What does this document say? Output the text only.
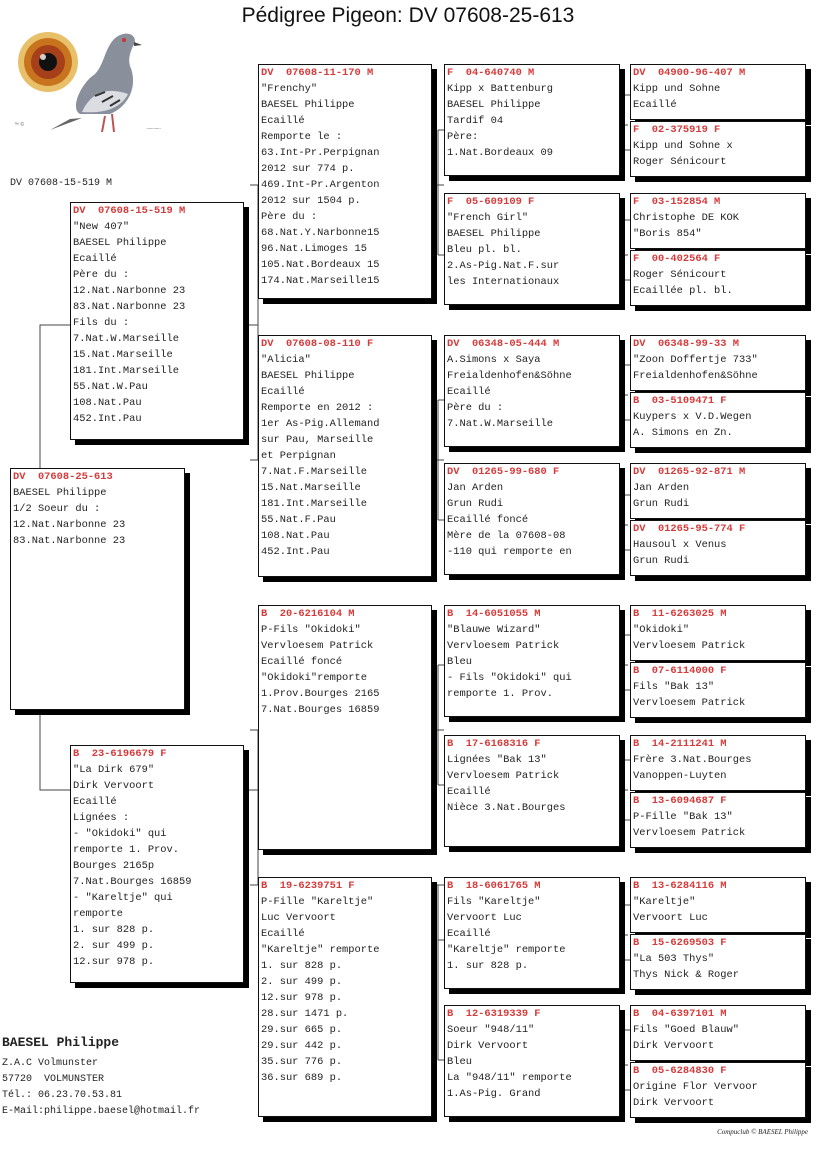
Pédigree Pigeon: DV 07608-25-613
™ ©
·—·—·
DV 07608-15-519 M
DV  07608-25-613
BAESEL Philippe
1/2 Soeur du :
12.Nat.Narbonne 23
83.Nat.Narbonne 23
DV  07608-15-519 M
"New 407"
BAESEL Philippe
Ecaillé
Père du :
12.Nat.Narbonne 23
83.Nat.Narbonne 23
Fils du :
7.Nat.W.Marseille
15.Nat.Marseille
181.Int.Marseille
55.Nat.W.Pau
108.Nat.Pau
452.Int.Pau
B  23-6196679 F
"La Dirk 679"
Dirk Vervoort
Ecaillé
Lignées :
- "Okidoki" qui
remporte 1. Prov.
Bourges 2165p
7.Nat.Bourges 16859
- "Kareltje" qui
remporte
1. sur 828 p.
2. sur 499 p.
12.sur 978 p.
DV  07608-11-170 M
"Frenchy"
BAESEL Philippe
Ecaillé
Remporte le :
63.Int-Pr.Perpignan
2012 sur 774 p.
469.Int-Pr.Argenton
2012 sur 1504 p.
Père du :
68.Nat.Y.Narbonne15
96.Nat.Limoges 15
105.Nat.Bordeaux 15
174.Nat.Marseille15
DV  07608-08-110 F
"Alicia"
BAESEL Philippe
Ecaillé
Remporte en 2012 :
1er As-Pig.Allemand
sur Pau, Marseille
et Perpignan
7.Nat.F.Marseille
15.Nat.Marseille
181.Int.Marseille
55.Nat.F.Pau
108.Nat.Pau
452.Int.Pau
B  20-6216104 M
P-Fils "Okidoki"
Vervloesem Patrick
Ecaillé foncé
"Okidoki"remporte
1.Prov.Bourges 2165
7.Nat.Bourges 16859
B  19-6239751 F
P-Fille "Kareltje"
Luc Vervoort
Ecaillé
"Kareltje" remporte
1. sur 828 p.
2. sur 499 p.
12.sur 978 p.
28.sur 1471 p.
29.sur 665 p.
29.sur 442 p.
35.sur 776 p.
36.sur 689 p.
F  04-640740 M
Kipp x Battenburg
BAESEL Philippe
Tardif 04
Père:
1.Nat.Bordeaux 09
F  05-609109 F
"French Girl"
BAESEL Philippe
Bleu pl. bl.
2.As-Pig.Nat.F.sur
les Internationaux
DV  06348-05-444 M
A.Simons x Saya
Freialdenhofen&Söhne
Ecaillé
Père du :
7.Nat.W.Marseille
DV  01265-99-680 F
Jan Arden
Grun Rudi
Ecaillé foncé
Mère de la 07608-08
-110 qui remporte en
B  14-6051055 M
"Blauwe Wizard"
Vervloesem Patrick
Bleu
- Fils "Okidoki" qui
remporte 1. Prov.
B  17-6168316 F
Lignées "Bak 13"
Vervloesem Patrick
Ecaillé
Nièce 3.Nat.Bourges
B  18-6061765 M
Fils "Kareltje"
Vervoort Luc
Ecaillé
"Kareltje" remporte
1. sur 828 p.
B  12-6319339 F
Soeur "948/11"
Dirk Vervoort
Bleu
La "948/11" remporte
1.As-Pig. Grand
DV  04900-96-407 M
Kipp und Sohne
Ecaillé
F  02-375919 F
Kipp und Sohne x
Roger Sénicourt
F  03-152854 M
Christophe DE KOK
"Boris 854"
F  00-402564 F
Roger Sénicourt
Ecaillée pl. bl.
DV  06348-99-33 M
"Zoon Doffertje 733"
Freialdenhofen&Söhne
B  03-5109471 F
Kuypers x V.D.Wegen
A. Simons en Zn.
DV  01265-92-871 M
Jan Arden
Grun Rudi
DV  01265-95-774 F
Hausoul x Venus
Grun Rudi
B  11-6263025 M
"Okidoki"
Vervloesem Patrick
B  07-6114000 F
Fils "Bak 13"
Vervloesem Patrick
B  14-2111241 M
Frère 3.Nat.Bourges
Vanoppen-Luyten
B  13-6094687 F
P-Fille "Bak 13"
Vervloesem Patrick
B  13-6284116 M
"Kareltje"
Vervoort Luc
B  15-6269503 F
"La 503 Thys"
Thys Nick & Roger
B  04-6397101 M
Fils "Goed Blauw"
Dirk Vervoort
B  05-6284830 F
Origine Flor Vervoor
Dirk Vervoort
BAESEL Philippe
Z.A.C Volmunster
57720  VOLMUNSTER
Tél.: 06.23.70.53.81
E-Mail:philippe.baesel@hotmail.fr
Compuclub © BAESEL Philippe
